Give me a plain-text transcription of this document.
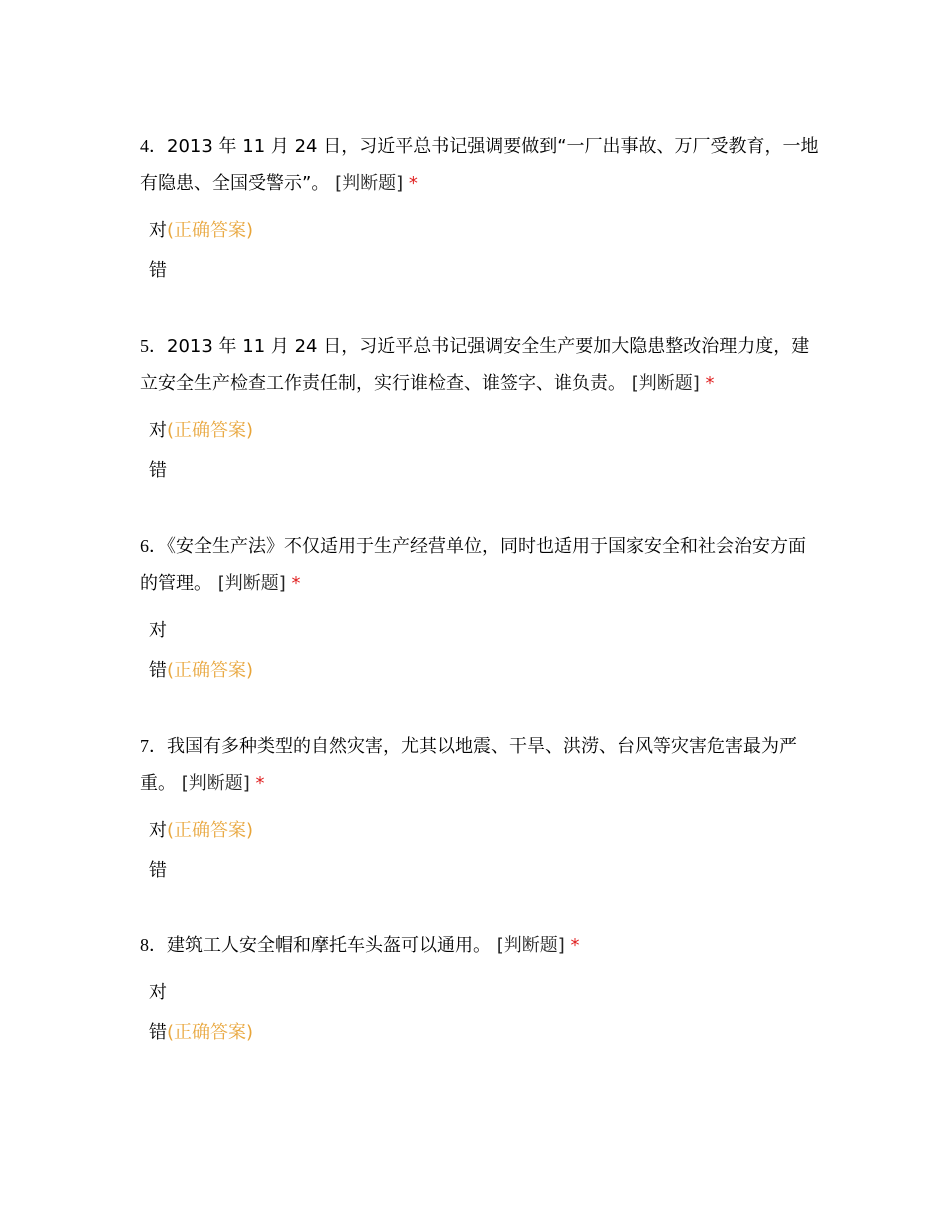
4．2013 年 11 月 24 日，习近平总书记强调要做到“一厂出事故、万厂受教育，一地有隐患、全国受警示”。 [判断题] *

对(正确答案)
错

5．2013 年 11 月 24 日，习近平总书记强调安全生产要加大隐患整改治理力度，建立安全生产检查工作责任制，实行谁检查、谁签字、谁负责。 [判断题] *

对(正确答案)
错

6．《安全生产法》不仅适用于生产经营单位，同时也适用于国家安全和社会治安方面的管理。 [判断题] *

对
错(正确答案)

7．我国有多种类型的自然灾害，尤其以地震、干旱、洪涝、台风等灾害危害最为严重。 [判断题] *

对(正确答案)
错

8．建筑工人安全帽和摩托车头盔可以通用。 [判断题] *

对
错(正确答案)
